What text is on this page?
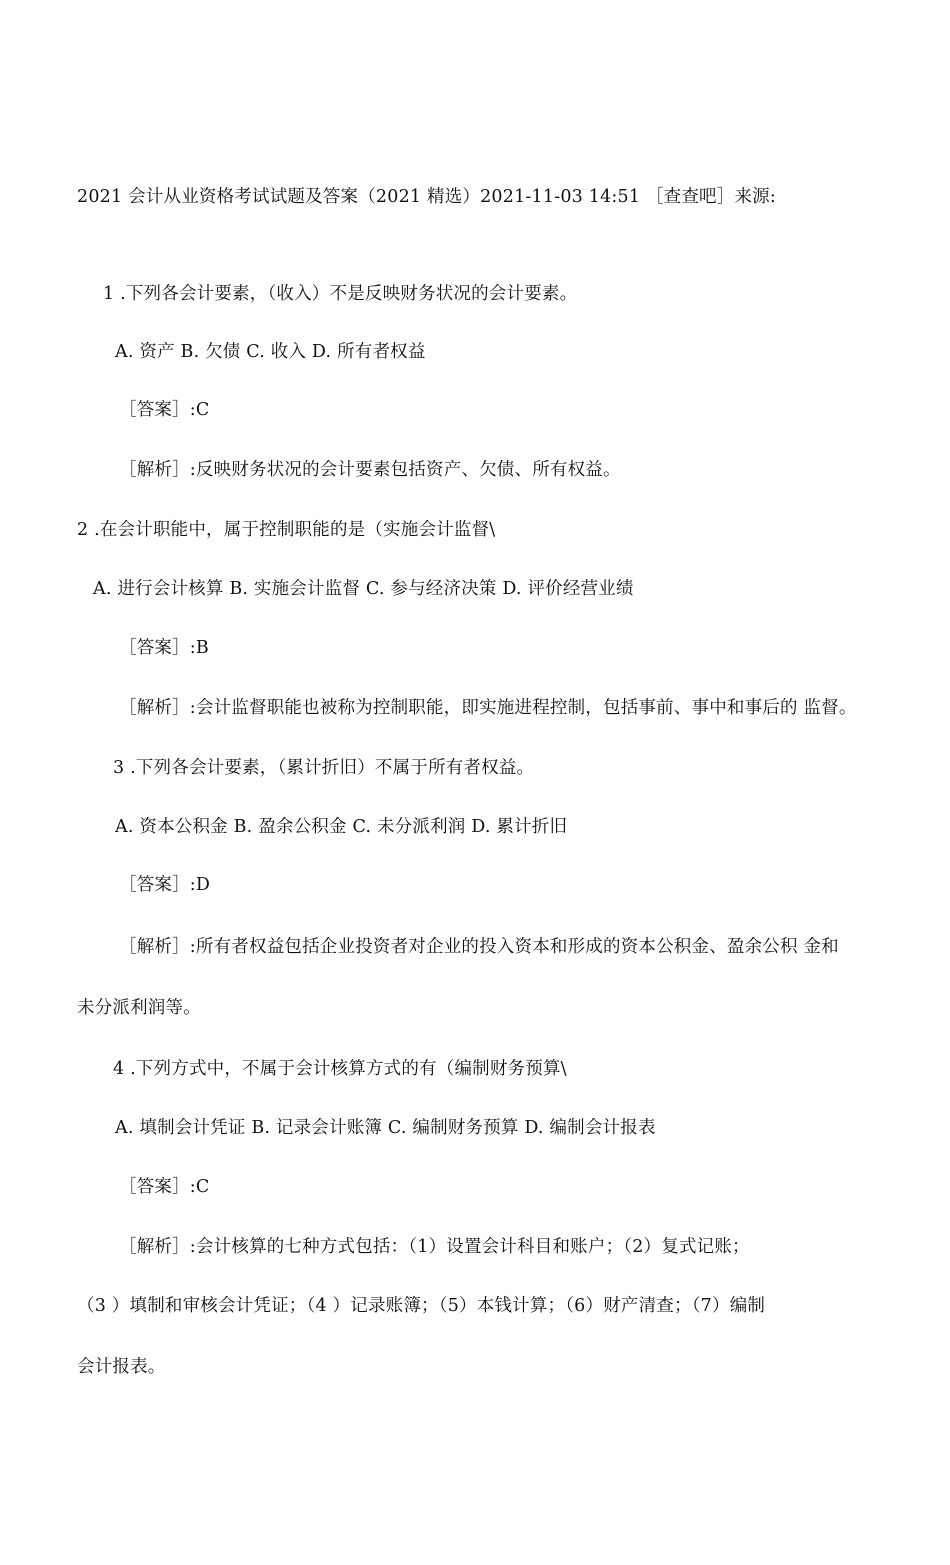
2021 会计从业资格考试试题及答案（2021 精选）2021-11-03 14:51 ［查查吧］来源:
1 .下列各会计要素，（收入）不是反映财务状况的会计要素。
A. 资产 B. 欠债 C. 收入 D. 所有者权益
［答案］:C
［解析］:反映财务状况的会计要素包括资产、欠债、所有权益。
2 .在会计职能中，属于控制职能的是（实施会计监督\
A. 进行会计核算 B. 实施会计监督 C. 参与经济决策 D. 评价经营业绩
［答案］:B
［解析］:会计监督职能也被称为控制职能，即实施进程控制，包括事前、事中和事后的 监督。
3 .下列各会计要素，（累计折旧）不属于所有者权益。
A. 资本公积金 B. 盈余公积金 C. 未分派利润 D. 累计折旧
［答案］:D
［解析］:所有者权益包括企业投资者对企业的投入资本和形成的资本公积金、盈余公积 金和
未分派利润等。
4 .下列方式中，不属于会计核算方式的有（编制财务预算\
A. 填制会计凭证 B. 记录会计账簿 C. 编制财务预算 D. 编制会计报表
［答案］:C
［解析］:会计核算的七种方式包括：（1）设置会计科目和账户；（2）复式记账；
（3 ）填制和审核会计凭证；（4 ）记录账簿；（5）本钱计算；（6）财产清查；（7）编制
会计报表。
